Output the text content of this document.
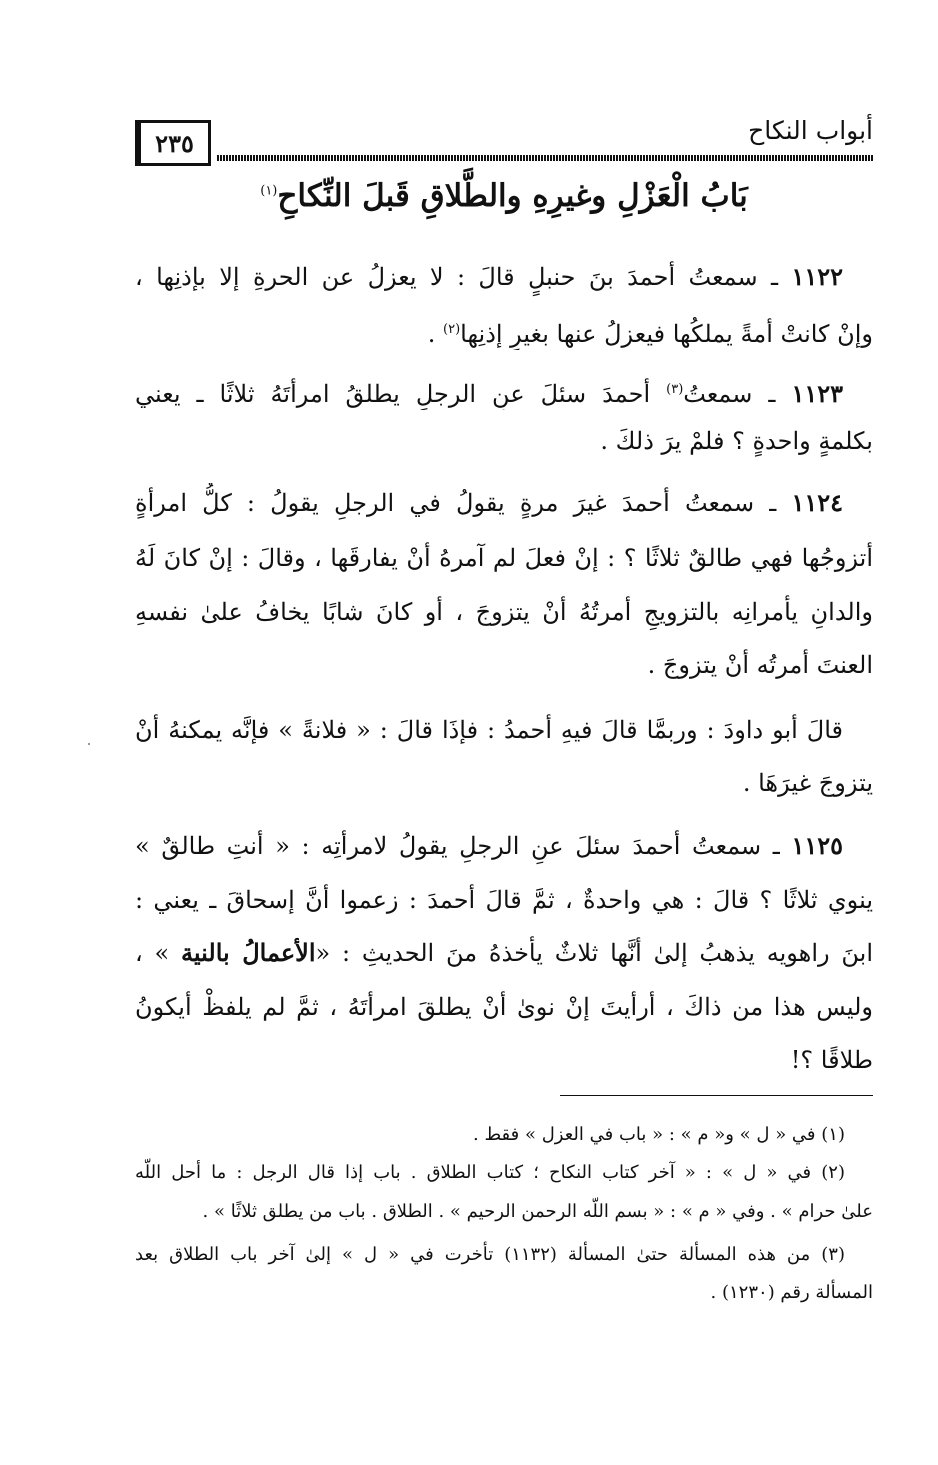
أبواب النكاح
٢٣٥
بَابُ الْعَزْلِ وغيرِهِ والطَّلاقِ قَبلَ النِّكاحِ$^{(١)}$
١١٢٢ ـ سمعتُ أحمدَ بنَ حنبلٍ قالَ : لا يعزلُ عن الحرةِ إلا بإذنِها ،
وإنْ كانتْ أمةً يملكُها فيعزلُ عنها بغيرِ إذنِها$^{(٢)}$ .
١١٢٣ ـ سمعتُ$^{(٣)}$ أحمدَ سئلَ عنِ الرجلِ يطلقُ امرأتَهُ ثلاثًا ـ يعني
بكلمةٍ واحدةٍ ؟ فلمْ يرَ ذلكَ .
١١٢٤ ـ سمعتُ أحمدَ غيرَ مرةٍ يقولُ في الرجلِ يقولُ : كلُّ امرأةٍ
أتزوجُها فهي طالقٌ ثلاثًا ؟ : إنْ فعلَ لم آمرهُ أنْ يفارقَها ، وقالَ : إنْ كانَ لَهُ
والدانِ يأمرانِه بالتزويجِ أمرتُهُ أنْ يتزوجَ ، أو كانَ شابًا يخافُ علىٰ نفسهِ
العنتَ أمرتُه أنْ يتزوجَ .
قالَ أبو داودَ : وربمَّا قالَ فيهِ أحمدُ : فإذَا قالَ : « فلانةً » فإنَّه يمكنهُ أنْ
يتزوجَ غيرَهَا .
١١٢٥ ـ سمعتُ أحمدَ سئلَ عنِ الرجلِ يقولُ لامرأتِه : « أنتِ طالقٌ »
ينوي ثلاثًا ؟ قالَ : هي واحدةٌ ، ثمَّ قالَ أحمدَ : زعموا أنَّ إسحاقَ ـ يعني :
ابنَ راهويه يذهبُ إلىٰ أنَّها ثلاثٌ يأخذهُ منَ الحديثِ : «الأعمالُ بالنية » ،
وليس هذا من ذاكَ ، أرأيتَ إنْ نوىٰ أنْ يطلقَ امرأتَهُ ، ثمَّ لم يلفظْ أيكونُ
طلاقًا ؟!
(١) في « ل » و« م » : « باب في العزل » فقط .
(٢) في « ل » : « آخر كتاب النكاح ؛ كتاب الطلاق . باب إذا قال الرجل : ما أحل اللّه
علىٰ حرام » . وفي « م » : « بسم اللّه الرحمن الرحيم » . الطلاق . باب من يطلق ثلاثًا » .
(٣) من هذه المسألة حتىٰ المسألة (١١٣٢) تأخرت في « ل » إلىٰ آخر باب الطلاق بعد
المسألة رقم (١٢٣٠) .
